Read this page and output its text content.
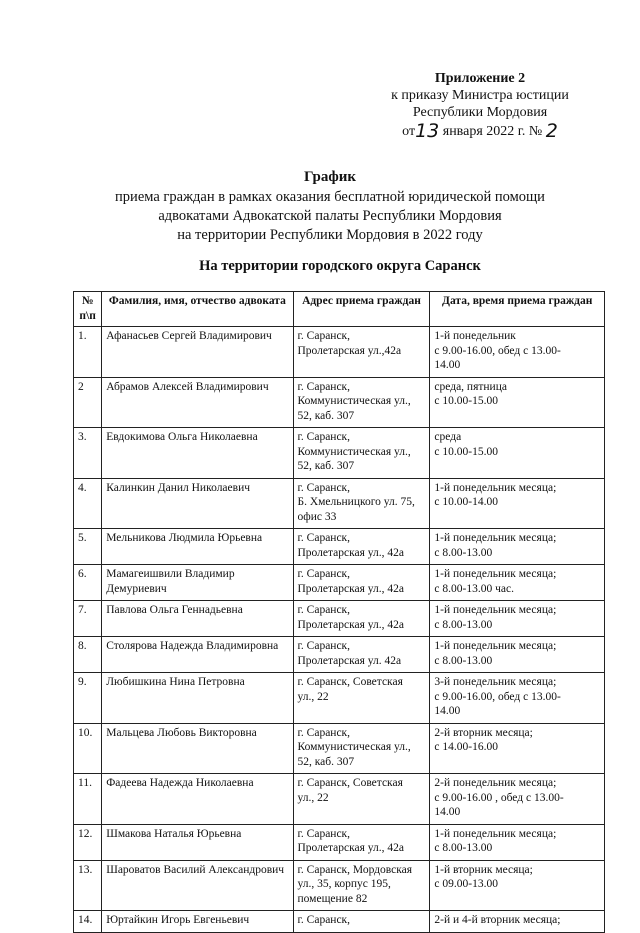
Приложение 2
к приказу Министра юстиции
Республики Мордовия
от13 января 2022 г. № 2
График
приема граждан в рамках оказания бесплатной юридической помощи
адвокатами Адвокатской палаты Республики Мордовия
на территории Республики Мордовия в 2022 году
На территории городского округа Саранск
№ п\п	Фамилия, имя, отчество адвоката	Адрес приема граждан	Дата, время приема граждан
1.	Афанасьев Сергей Владимирович	г. Саранск,
Пролетарская ул.,42а	1-й понедельник
с 9.00-16.00, обед с 13.00-
14.00

2	Абрамов Алексей Владимирович	г. Саранск,
Коммунистическая ул.,
52, каб. 307	среда, пятница
с 10.00-15.00

3.	Евдокимова Ольга Николаевна	г. Саранск,
Коммунистическая ул.,
52, каб. 307	среда
с 10.00-15.00

4.	Калинкин Данил Николаевич	г. Саранск,
Б. Хмельницкого ул. 75,
офис 33	1-й понедельник месяца;
с 10.00-14.00

5.	Мельникова Людмила Юрьевна	г. Саранск,
Пролетарская ул., 42а	1-й понедельник месяца;
с 8.00-13.00

6.	Мамагеишвили Владимир Демуриевич	г. Саранск,
Пролетарская ул., 42а	1-й понедельник месяца;
с 8.00-13.00 час.

7.	Павлова Ольга Геннадьевна	г. Саранск,
Пролетарская ул., 42а	1-й понедельник месяца;
с 8.00-13.00

8.	Столярова Надежда Владимировна	г. Саранск,
Пролетарская ул. 42а	1-й понедельник месяца;
с 8.00-13.00

9.	Любишкина Нина Петровна	г. Саранск, Советская
ул., 22	3-й понедельник месяца;
с 9.00-16.00, обед с 13.00-
14.00

10.	Мальцева Любовь Викторовна	г. Саранск,
Коммунистическая ул.,
52, каб. 307	2-й вторник месяца;
с 14.00-16.00

11.	Фадеева Надежда Николаевна	г. Саранск, Советская
ул., 22	2-й понедельник месяца;
с 9.00-16.00 , обед с 13.00-
14.00

12.	Шмакова Наталья Юрьевна	г. Саранск,
Пролетарская ул., 42а	1-й понедельник месяца;
с 8.00-13.00

13.	Шароватов Василий Александрович	г. Саранск, Мордовская
ул., 35, корпус 195,
помещение 82	1-й вторник месяца;
с 09.00-13.00

14.	Юртайкин Игорь Евгеньевич	г. Саранск,	2-й и 4-й вторник месяца;
